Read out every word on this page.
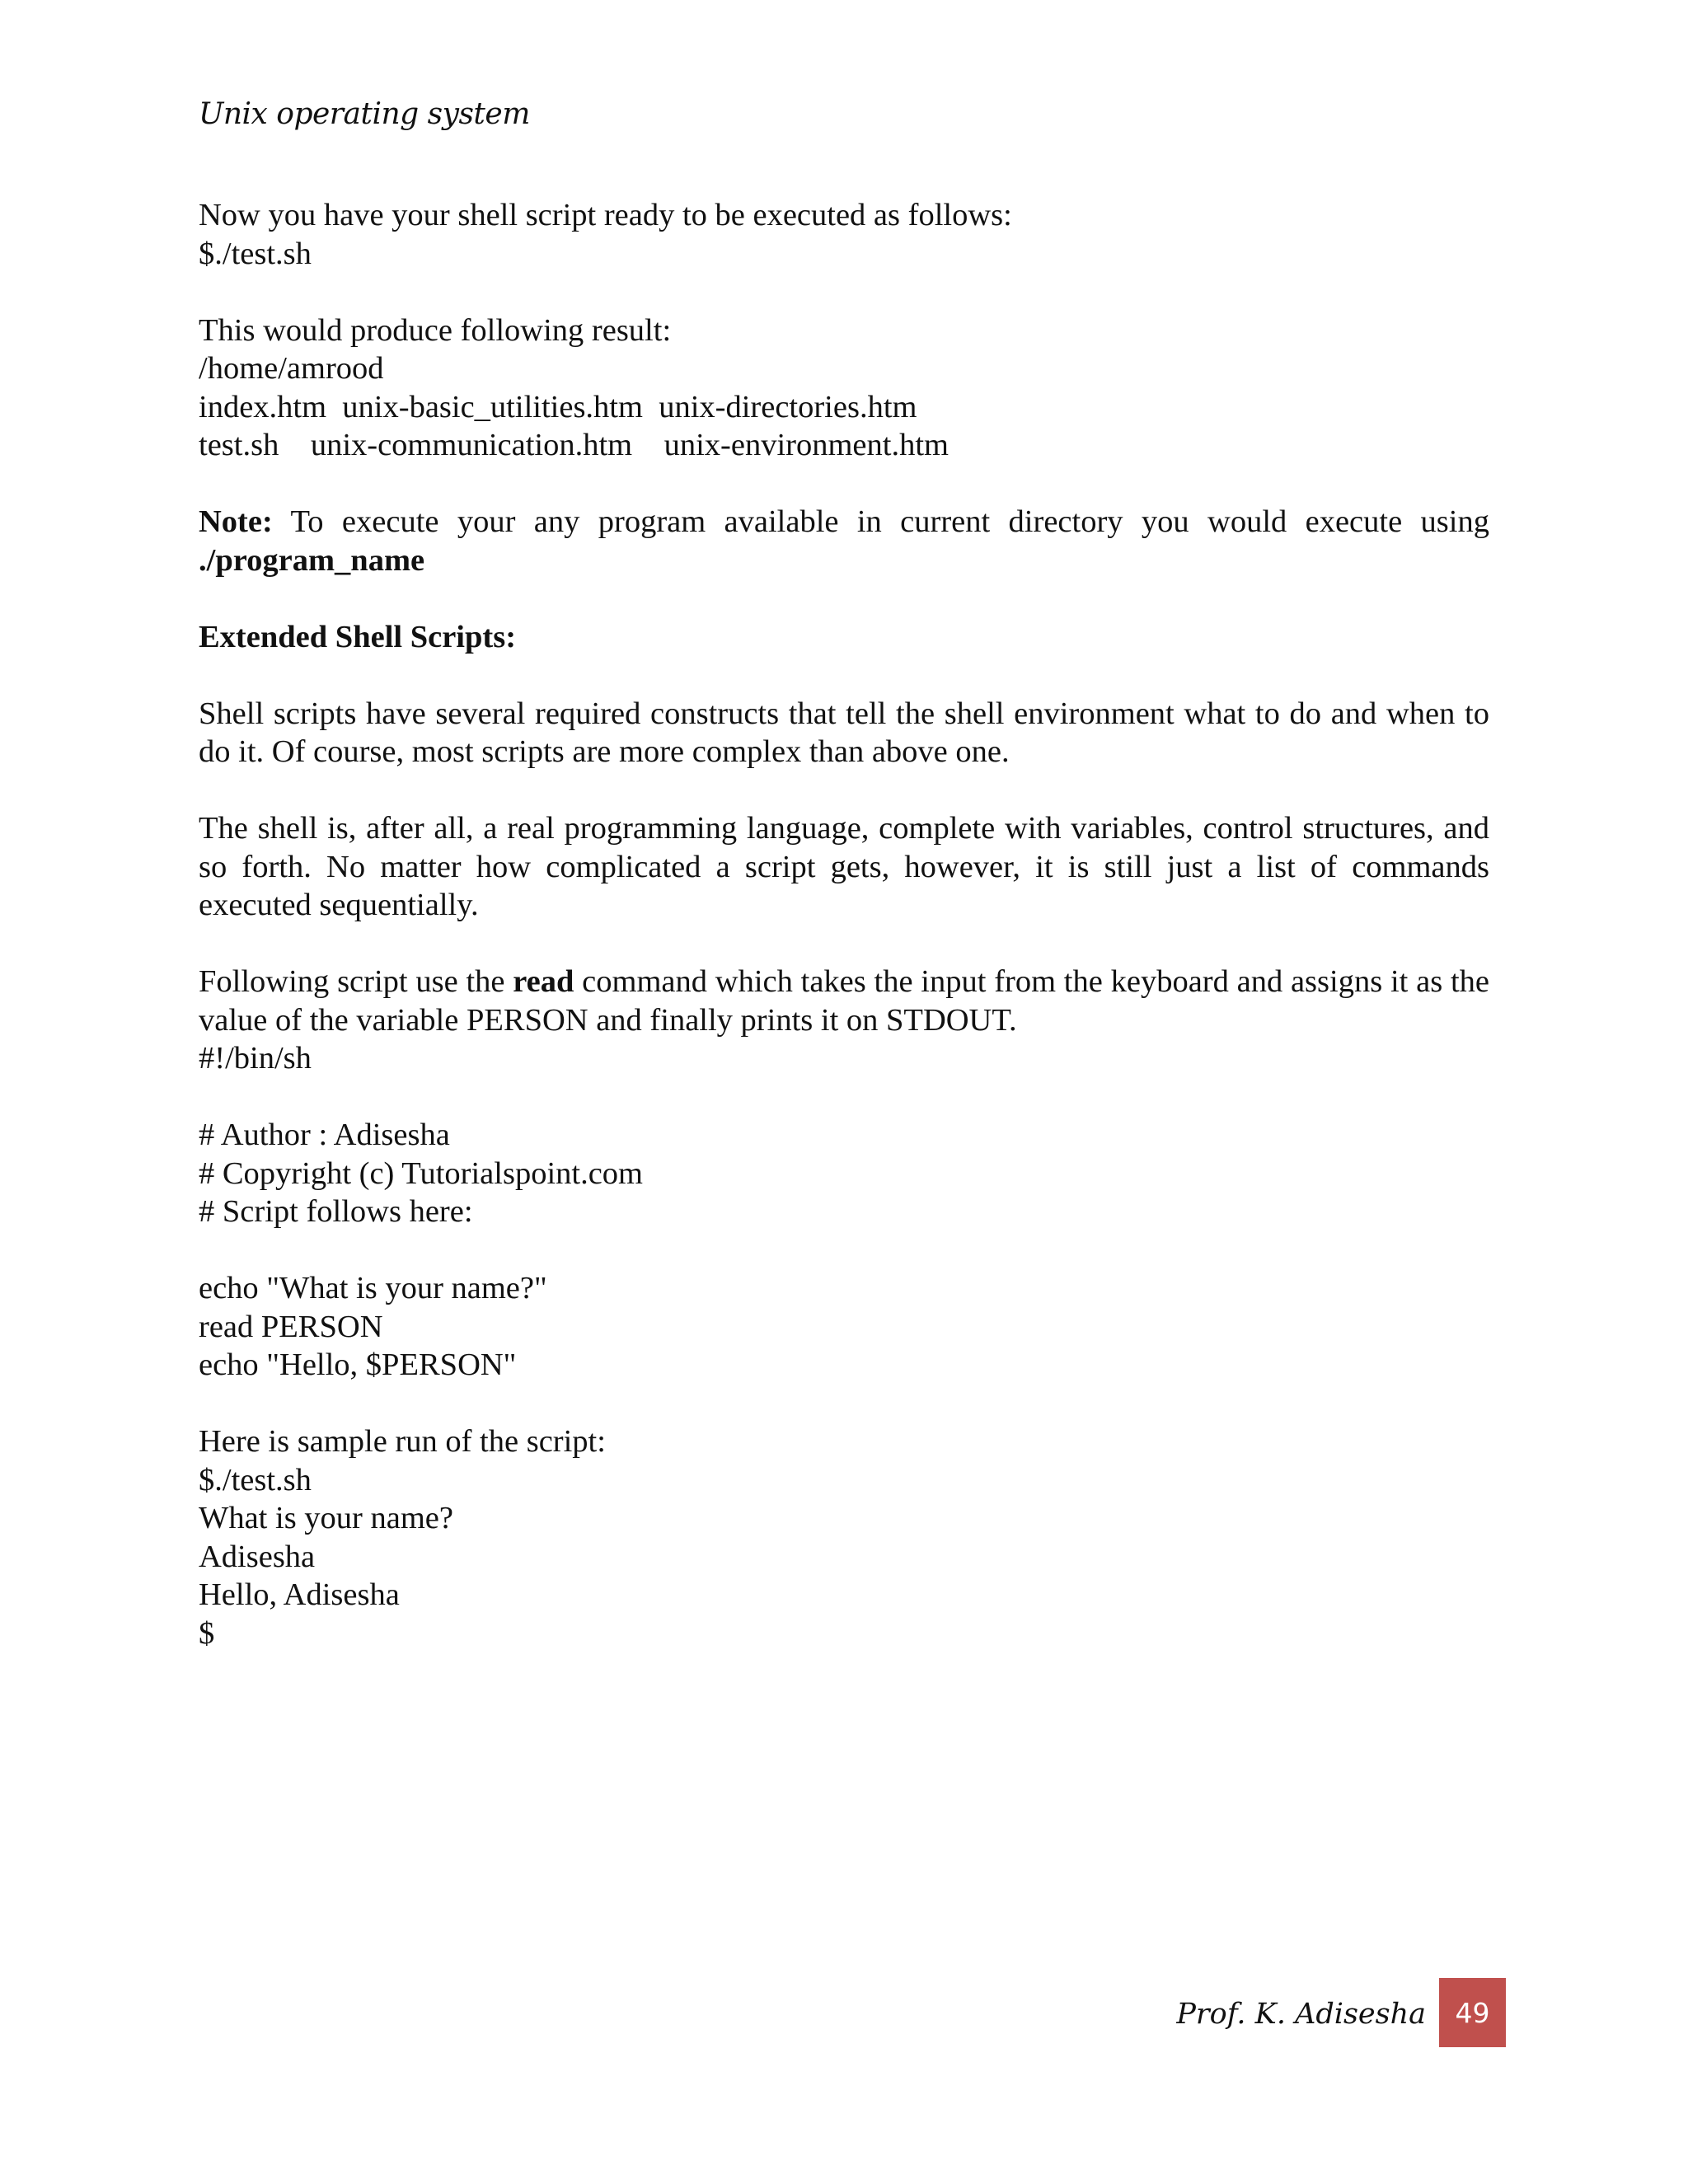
Unix operating system
Now you have your shell script ready to be executed as follows:
$./test.sh
This would produce following result:
/home/amrood
index.htm  unix-basic_utilities.htm  unix-directories.htm
test.sh    unix-communication.htm    unix-environment.htm
Note: To execute your any program available in current directory you would execute using
./program_name
Extended Shell Scripts:
Shell scripts have several required constructs that tell the shell environment what to do and when to do it. Of course, most scripts are more complex than above one.
The shell is, after all, a real programming language, complete with variables, control structures, and so forth. No matter how complicated a script gets, however, it is still just a list of commands executed sequentially.
Following script use the read command which takes the input from the keyboard and assigns it as the value of the variable PERSON and finally prints it on STDOUT.
#!/bin/sh
# Author : Adisesha
# Copyright (c) Tutorialspoint.com
# Script follows here:
echo "What is your name?"
read PERSON
echo "Hello, $PERSON"
Here is sample run of the script:
$./test.sh
What is your name?
Adisesha
Hello, Adisesha
$
Prof. K. Adisesha	49
